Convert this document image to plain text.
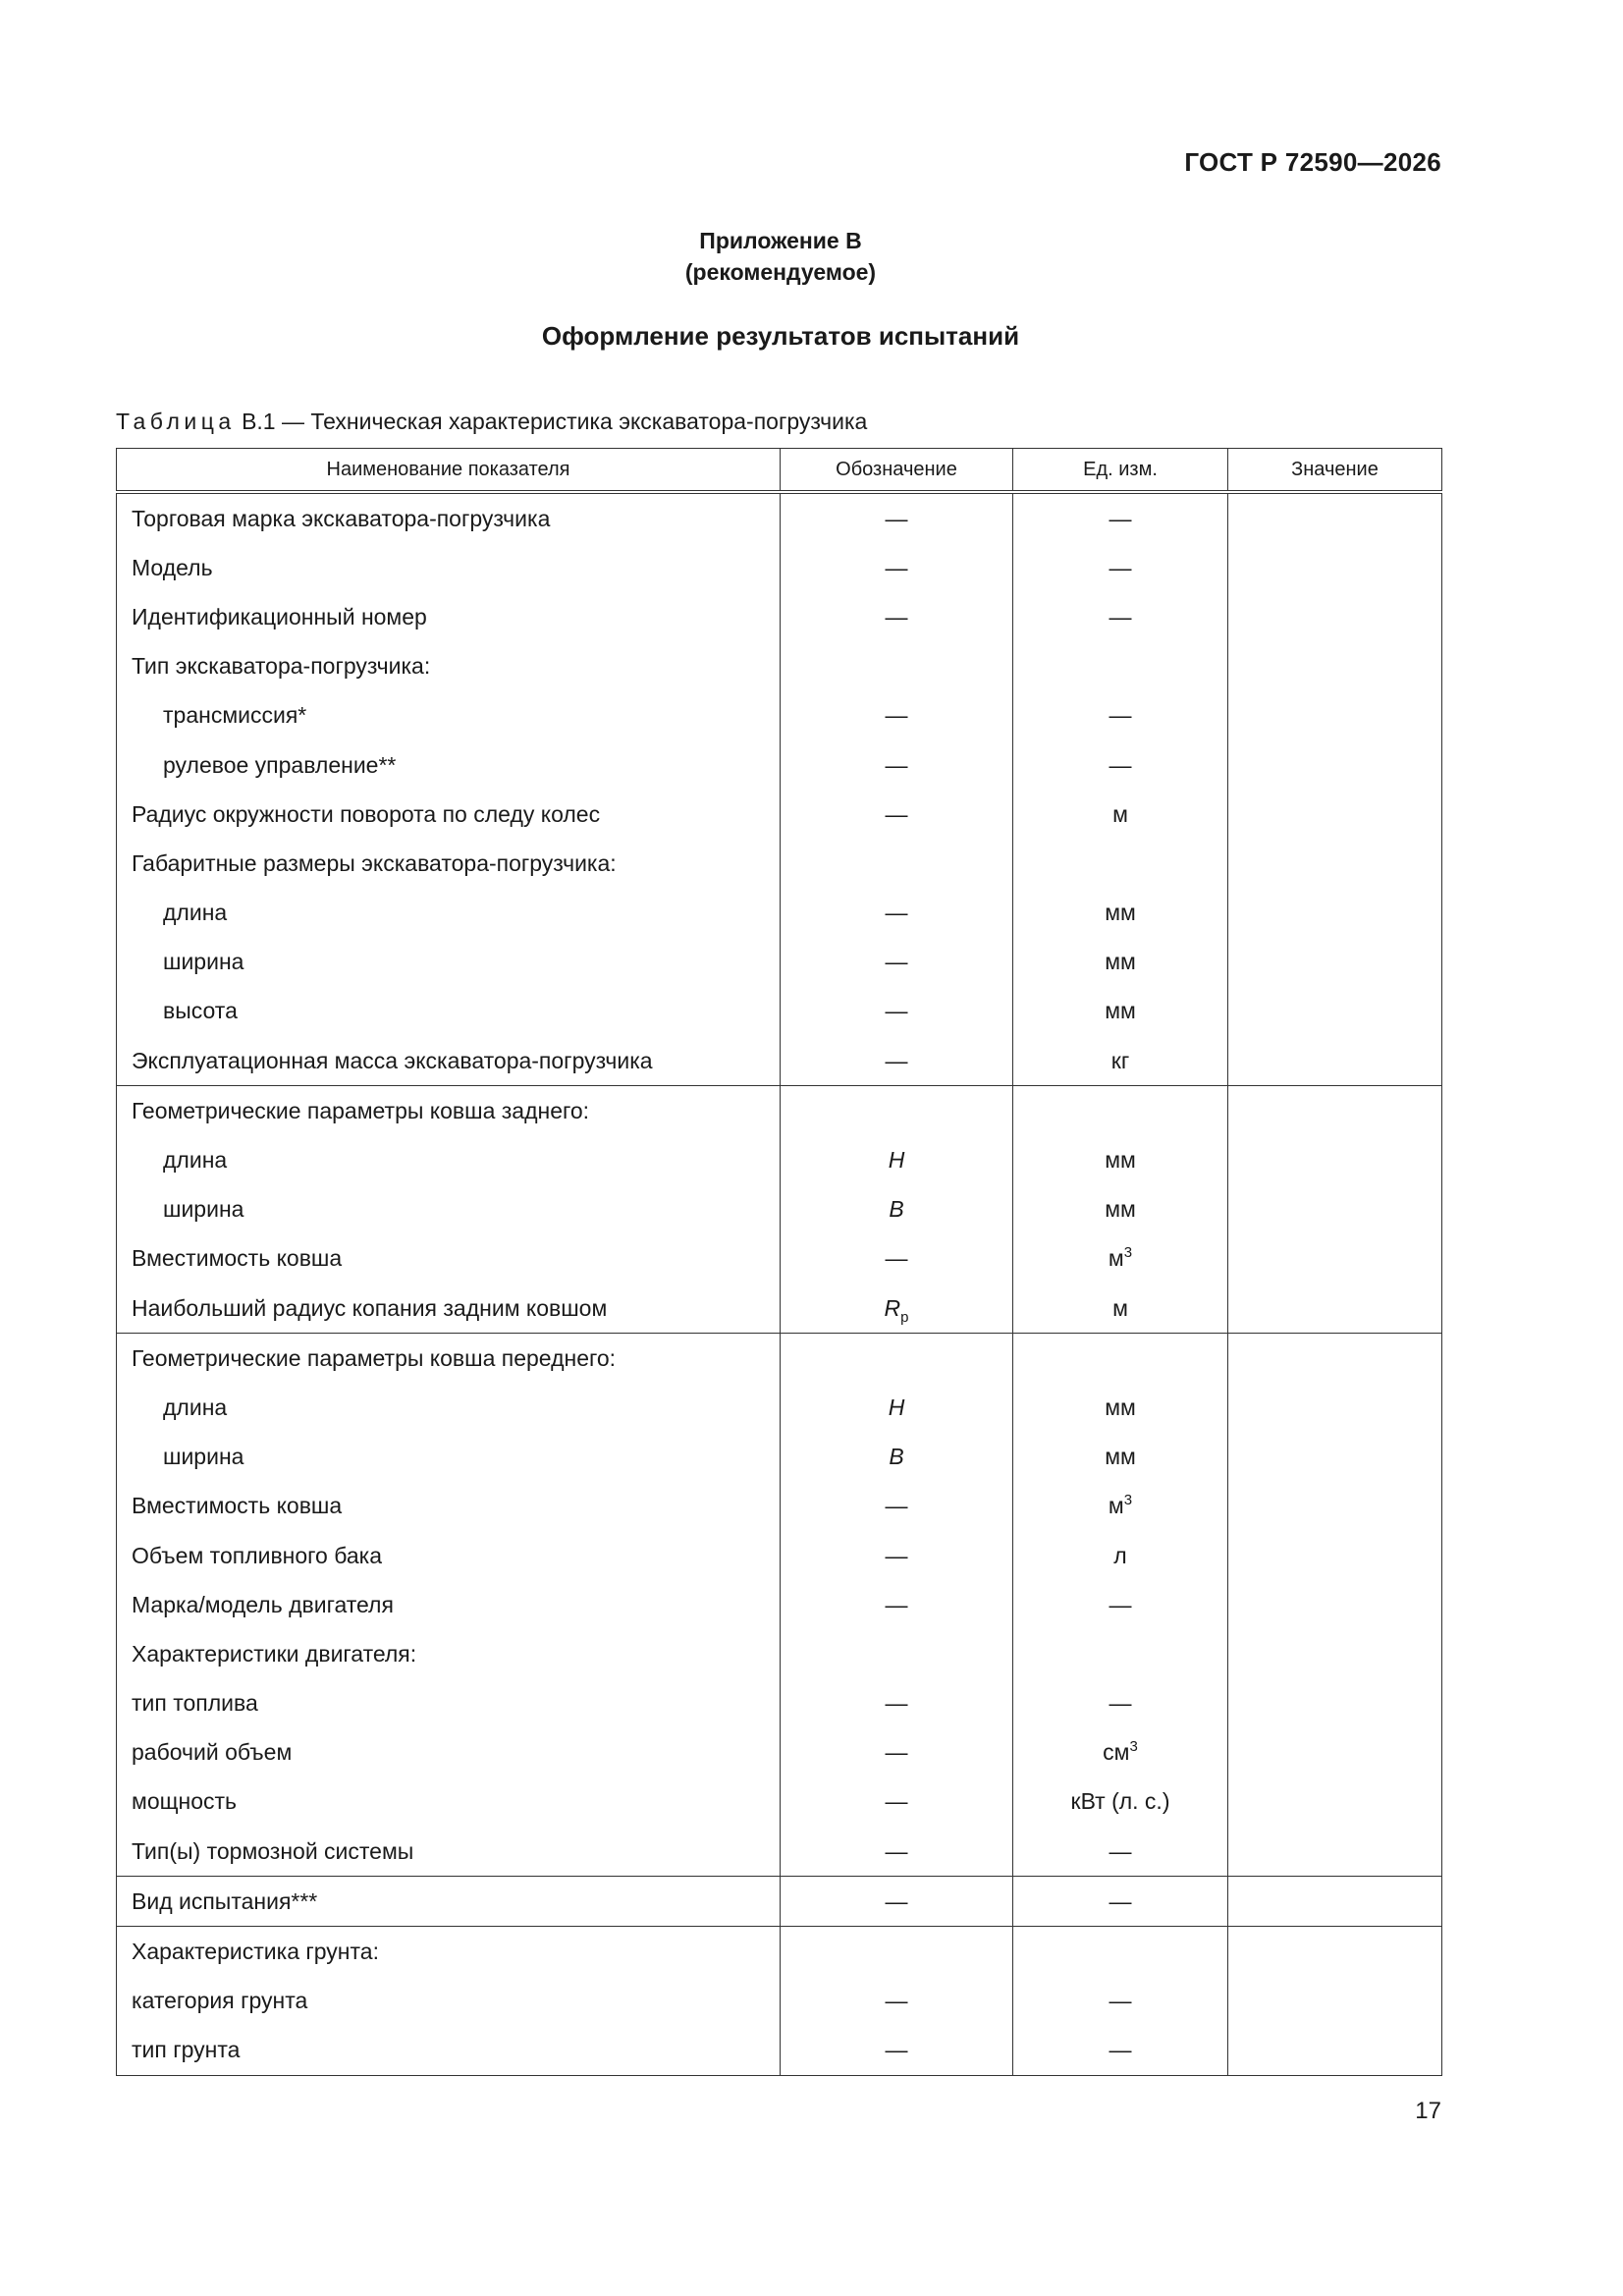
ГОСТ Р 72590—2026
Приложение В
(рекомендуемое)
Оформление результатов испытаний
Таблица В.1 — Техническая характеристика экскаватора-погрузчика
Наименование показателя	Обозначение	Ед. изм.	Значение
Торговая марка экскаватора-погрузчика	—	—	
Модель	—	—	
Идентификационный номер	—	—	
Тип экскаватора-погрузчика:			
трансмиссия*	—	—	
рулевое управление**	—	—	
Радиус окружности поворота по следу колес	—	м	
Габаритные размеры экскаватора-погрузчика:			
длина	—	мм	
ширина	—	мм	
высота	—	мм	
Эксплуатационная масса экскаватора-погрузчика	—	кг	
Геометрические параметры ковша заднего:			
длина	H	мм	
ширина	B	мм	
Вместимость ковша	—	$м^3$	
Наибольший радиус копания задним ковшом	$R_р$	м	
Геометрические параметры ковша переднего:			
длина	H	мм	
ширина	B	мм	
Вместимость ковша	—	$м^3$	
Объем топливного бака	—	л	
Марка/модель двигателя	—	—	
Характеристики двигателя:			
тип топлива	—	—	
рабочий объем	—	$см^3$	
мощность	—	кВт (л. с.)	
Тип(ы) тормозной системы	—	—	
Вид испытания***	—	—	
Характеристика грунта:			
категория грунта	—	—	
тип грунта	—	—	
17
